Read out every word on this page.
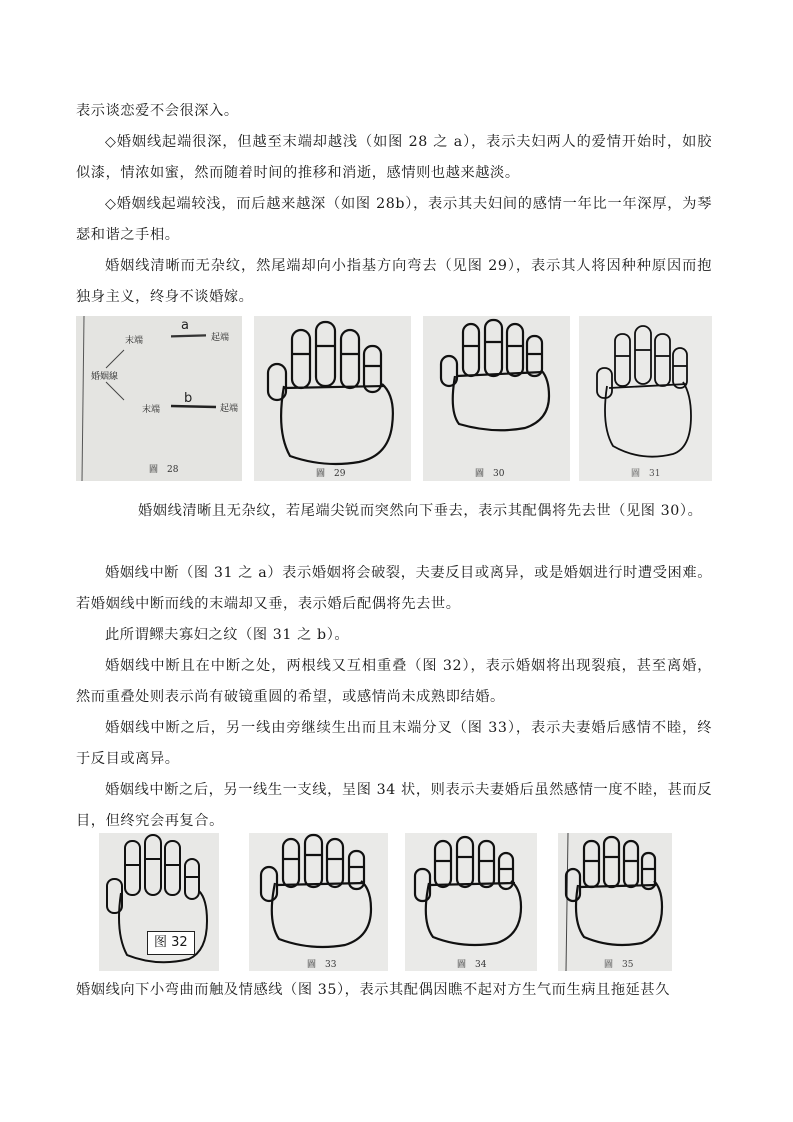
表示谈恋爱不会很深入。

◇婚姻线起端很深，但越至末端却越浅（如图 28 之 a），表示夫妇两人的爱情开始时，如胶似漆，情浓如蜜，然而随着时间的推移和消逝，感情则也越来越淡。

◇婚姻线起端较浅，而后越来越深（如图 28b），表示其夫妇间的感情一年比一年深厚，为琴瑟和谐之手相。

婚姻线清晰而无杂纹，然尾端却向小指基方向弯去（见图 29），表示其人将因种种原因而抱独身主义，终身不谈婚嫁。

a
末端	起端
婚姻線
b
末端	起端
圖　28	圖　29	圖　30	圖　31

婚姻线清晰且无杂纹，若尾端尖锐而突然向下垂去，表示其配偶将先去世（见图 30）。

婚姻线中断（图 31 之 a）表示婚姻将会破裂，夫妻反目或离异，或是婚姻进行时遭受困难。若婚姻线中断而线的末端却又垂，表示婚后配偶将先去世。

此所谓鳏夫寡妇之纹（图 31 之 b）。

婚姻线中断且在中断之处，两根线又互相重叠（图 32），表示婚姻将出现裂痕，甚至离婚，然而重叠处则表示尚有破镜重圆的希望，或感情尚未成熟即结婚。

婚姻线中断之后，另一线由旁继续生出而且末端分叉（图 33），表示夫妻婚后感情不睦，终于反目或离异。

婚姻线中断之后，另一线生一支线，呈图 34 状，则表示夫妻婚后虽然感情一度不睦，甚而反目，但终究会再复合。

图 32
圖　33	圖　34	圖　35

婚姻线向下小弯曲而触及情感线（图 35），表示其配偶因瞧不起对方生气而生病且拖延甚久
